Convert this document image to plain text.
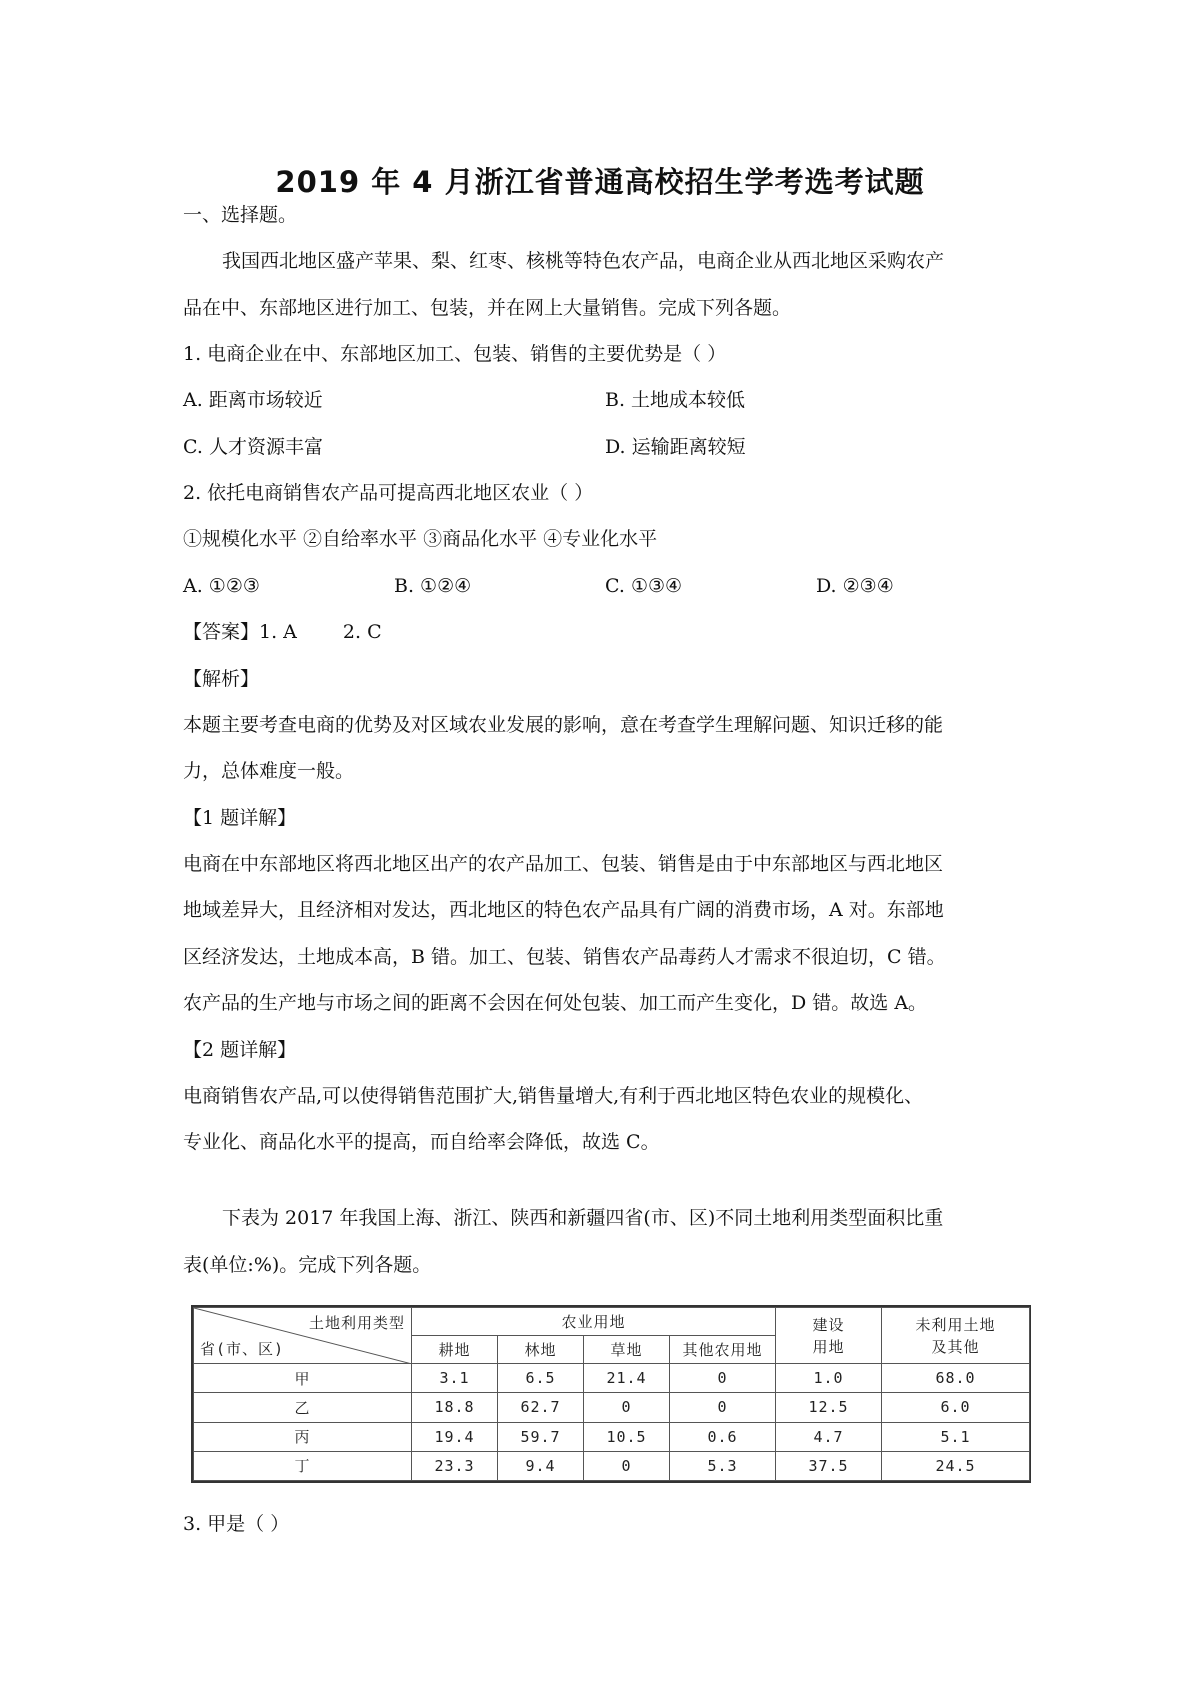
2019 年 4 月浙江省普通高校招生学考选考试题
一、选择题。
我国西北地区盛产苹果、梨、红枣、核桃等特色农产品，电商企业从西北地区采购农产
品在中、东部地区进行加工、包装，并在网上大量销售。完成下列各题。
1. 电商企业在中、东部地区加工、包装、销售的主要优势是（ ）
A. 距离市场较近	B. 土地成本较低
C. 人才资源丰富	D. 运输距离较短
2. 依托电商销售农产品可提高西北地区农业（ ）
①规模化水平 ②自给率水平 ③商品化水平 ④专业化水平
A. ①②③	B. ①②④	C. ①③④	D. ②③④
【答案】1. A 2. C
【解析】
本题主要考查电商的优势及对区域农业发展的影响，意在考查学生理解问题、知识迁移的能
力，总体难度一般。
【1 题详解】
电商在中东部地区将西北地区出产的农产品加工、包装、销售是由于中东部地区与西北地区
地域差异大，且经济相对发达，西北地区的特色农产品具有广阔的消费市场，A 对。东部地
区经济发达，土地成本高，B 错。加工、包装、销售农产品毒药人才需求不很迫切，C 错。
农产品的生产地与市场之间的距离不会因在何处包装、加工而产生变化，D 错。故选 A。
【2 题详解】
电商销售农产品,可以使得销售范围扩大,销售量增大,有利于西北地区特色农业的规模化、
专业化、商品化水平的提高，而自给率会降低，故选 C。
下表为 2017 年我国上海、浙江、陕西和新疆四省(市、区)不同土地利用类型面积比重
表(单位:%)。完成下列各题。
土地利用类型
省(市、区)	农业用地				建设
用地	未利用土地
及其他
	耕地	林地	草地	其他农用地		
甲	3.1	6.5	21.4	0	1.0	68.0
乙	18.8	62.7	0	0	12.5	6.0
丙	19.4	59.7	10.5	0.6	4.7	5.1
丁	23.3	9.4	0	5.3	37.5	24.5
3. 甲是（ ）
